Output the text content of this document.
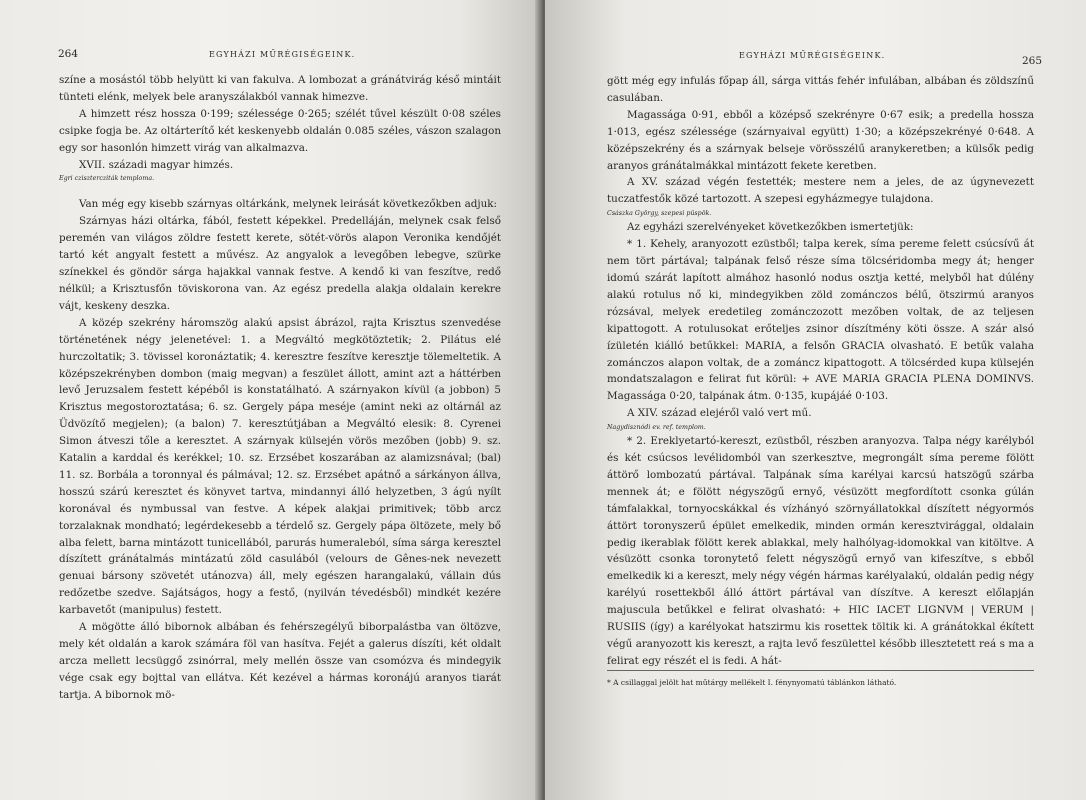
264	EGYHÁZI MŰRÉGISÉGEINK.

színe a mosástól több helyütt ki van fakulva. A lombozat a gránátvirág késő mintáit tünteti elénk, melyek bele aranyszálakból vannak himezve.

A himzett rész hossza 0·199; szélessége 0·265; szélét tűvel készült 0·08 széles csipke fogja be. Az oltárterítő két keskenyebb oldalán 0.085 széles, vászon szalagon egy sor hasonlón himzett virág van alkalmazva.

XVII. századi magyar himzés.

Egri cziszterczi​ták templomа.

Van még egy kisebb szárnyas oltárkánk, melynek leirását következőkben adjuk:

Szárnyas házi oltárka, fából, festett képekkel. Predelláján, melynek csak felső peremén van világos zöldre festett kerete, sötét-vörös alapon Veronika kendőjét tartó két angyalt festett a művész. Az angyalok a levegőben lebegve, szürke színekkel és göndör sárga hajakkal vannak festve. A kendő ki van feszítve, redő nélkül; a Krisztusfőn töviskorona van. Az egész predella alakja oldalain kerekre vájt, keskeny deszka.

A közép szekrény háromszög alakú apsist ábrázol, rajta Krisztus szenvedése történetének négy jelenetével: 1. a Megváltó megkötöztetik; 2. Pilátus elé hurczoltatik; 3. tövissel koronáztatik; 4. keresztre feszítve keresztje tölemeltetik. A középszekrényben dombon (maig megvan) a feszület állott, amint azt a háttérben levő Jeruzsalem festett képéből is konstatálható. A szárnyakon kívül (a jobbon) 5 Krisztus megostoroztatása; 6. sz. Gergely pápa meséje (amint neki az oltárnál az Üdvözítő megjelen); (a balon) 7. keresztútjában a Megváltó elesik: 8. Cyrenei Simon átveszi tőle a keresztet. A szárnyak külsején vörös mezőben (jobb) 9. sz. Katalin a karddal és kerékkel; 10. sz. Erzsébet koszarában az alamizsnával; (bal) 11. sz. Borbála a toronnyal és pálmával; 12. sz. Erzsébet apátnő a sárkányon állva, hosszú szárú keresztet és könyvet tartva, mindannyi álló helyzetben, 3 ágú nyílt koronával és nymbussal van festve. A képek alakjai primitivek; több arcz torzalaknak mondható; legérdekesebb a térdelő sz. Gergely pápa öltözete, mely bő alba felett, barna mintázott tunicellából, parurás humeraleból, síma sárga keresztel díszített gránátalmás mintázatú zöld casulából (velours de Gênes-nek nevezett genuai bársony szövetét utánozva) áll, mely egészen harangalakú, vállain dús redőzetbe szedve. Sajátságos, hogy a festő, (nyilván tévedésből) mindkét kezére karbavetőt (manipulus) festett.

A mögötte álló bibornok albában és fehérszegélyű biborpalástba van öltözve, mely két oldalán a karok számára föl van hasítva. Fejét a galerus díszíti, két oldalt arcza mellett lecsüggő zsinórral, mely mellén össze van csomózva és mindegyik vége csak egy bojttal van ellátva. Két kezével a hármas koronájú aranyos tiarát tartja. A bibornok mö-

EGYHÁZI MŰRÉGISÉGEINK.	265

gött még egy infulás főpap áll, sárga vittás fehér infulában, albában és zöldszínű casulában.

Magassága 0·91, ebből a középső szekrényre 0·67 esik; a predella hossza 1·013, egész szélessége (szárnyaival együtt) 1·30; a középszekrényé 0·648. A középszekrény és a szárnyak belseje vörösszélű aranykeretben; a külsők pedig aranyos gránátalmákkal mintázott fekete keretben.

A XV. század végén festették; mestere nem a jeles, de az úgynevezett tuczatfestők közé tartozott. A szepesi egyházmegye tulajdona.

Császka György, szepesi püspök.

Az egyházi szerelvényeket következőkben ismertetjük:

* 1. Kehely, aranyozott ezüstből; talpa kerek, síma pereme felett csúcsívű át nem tört pártával; talpának felső része síma tölcséridomba megy át; henger idomú szárát lapított almához hasonló nodus osztja ketté, melyből hat dúlény alakú rotulus nő ki, mindegyikben zöld zománczos bélű, ötszirmú aranyos rózsával, melyek eredetileg zománczozott mezőben voltak, de az teljesen kipattogott. A rotulusokat erőteljes zsinor díszítmény köti össze. A szár alsó ízületén kiálló betűkkel: MARIA, a felsőn GRACIA olvasható. E betűk valaha zománczos alapon voltak, de a zománcz kipattogott. A tölcsérded kupa külsején mondatszalagon e felirat fut körül: + AVE MARIA GRACIA PLENA DOMINVS. Magassága 0·20, talpának átm. 0·135, kupájáé 0·103.

A XIV. század elejéről való vert mű.

Nagydiszn​ódi ev. ref. templom.

* 2. Ereklyetartó-kereszt, ezüstből, részben aranyozva. Talpa négy karélyból és két csúcsos levélidomból van szerkesztve, megrongált síma pereme fölött áttörő lombozatú pártával. Talpának síma karélyai karcsú hatszögű szárba mennek át; e fölött négyszögű ernyő, vésüzött megfordított csonka gúlán támfalakkal, tornyocskákkal és vízhányó szörnyállatokkal díszített négyormós áttört toronyszerű épület emelkedik, minden ormán keresztvirággal, oldalain pedig ikerablak fölött kerek ablakkal, mely halhólyag-idomokkal van kitöltve. A vésüzött csonka toronytető felett négyszögű ernyő van kifeszítve, s ebből emelkedik ki a kereszt, mely négy végén hármas karélyalakú, oldalán pedig négy karélyú rosettekből álló áttört pártával van díszítve. A kereszt előlapján majuscula betűkkel e felirat olvasható: + HIC IACET LIGNVM | VERUM | RUSIIS (így) a karélyokat hatszirmu kis rosettek töltik ki. A gránátokkal ékített végű aranyozott kis kereszt, a rajta levő feszülettel később illesztetett reá s ma a felirat egy részét el is fedi. A hát-

* A csillaggal jelölt hat műtárgy mellékelt I. fénynyomatú táblánkon látható.
